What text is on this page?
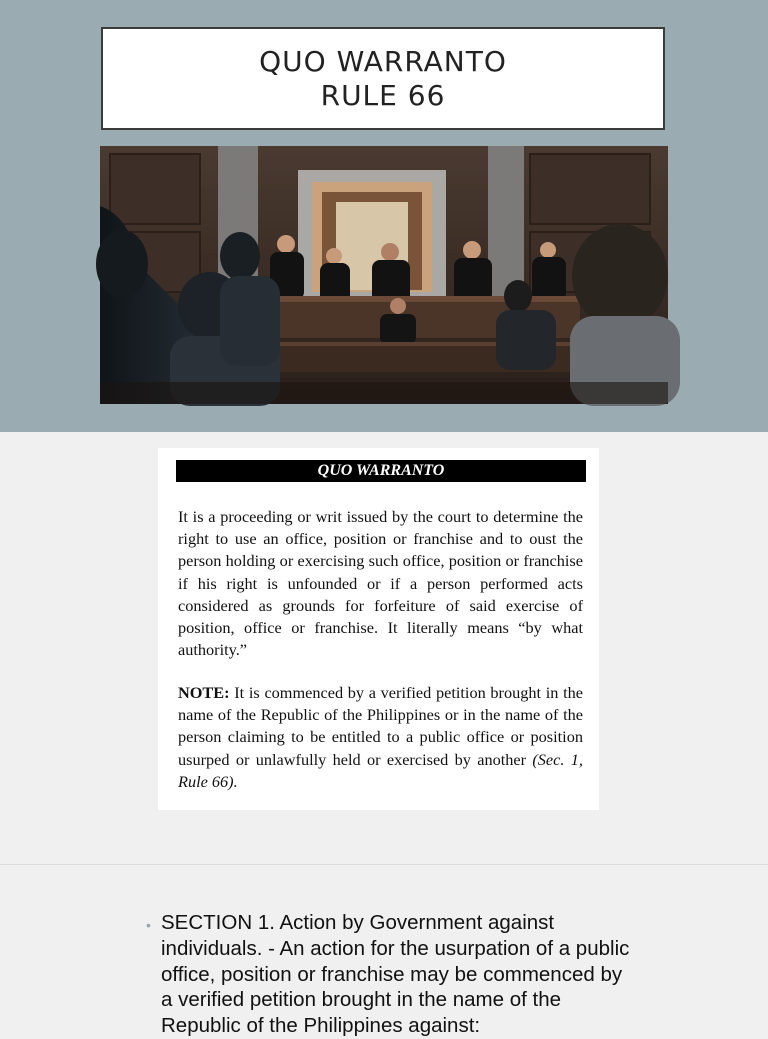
QUO WARRANTO
RULE 66
QUO WARRANTO

It is a proceeding or writ issued by the court to determine the right to use an office, position or franchise and to oust the person holding or exercising such office, position or franchise if his right is unfounded or if a person performed acts considered as grounds for forfeiture of said exercise of position, office or franchise. It literally means “by what authority.”

NOTE: It is commenced by a verified petition brought in the name of the Republic of the Philippines or in the name of the person claiming to be entitled to a public office or position usurped or unlawfully held or exercised by another (Sec. 1, Rule 66).

• SECTION 1. Action by Government against individuals. - An action for the usurpation of a public office, position or franchise may be commenced by a verified petition brought in the name of the Republic of the Philippines against:
